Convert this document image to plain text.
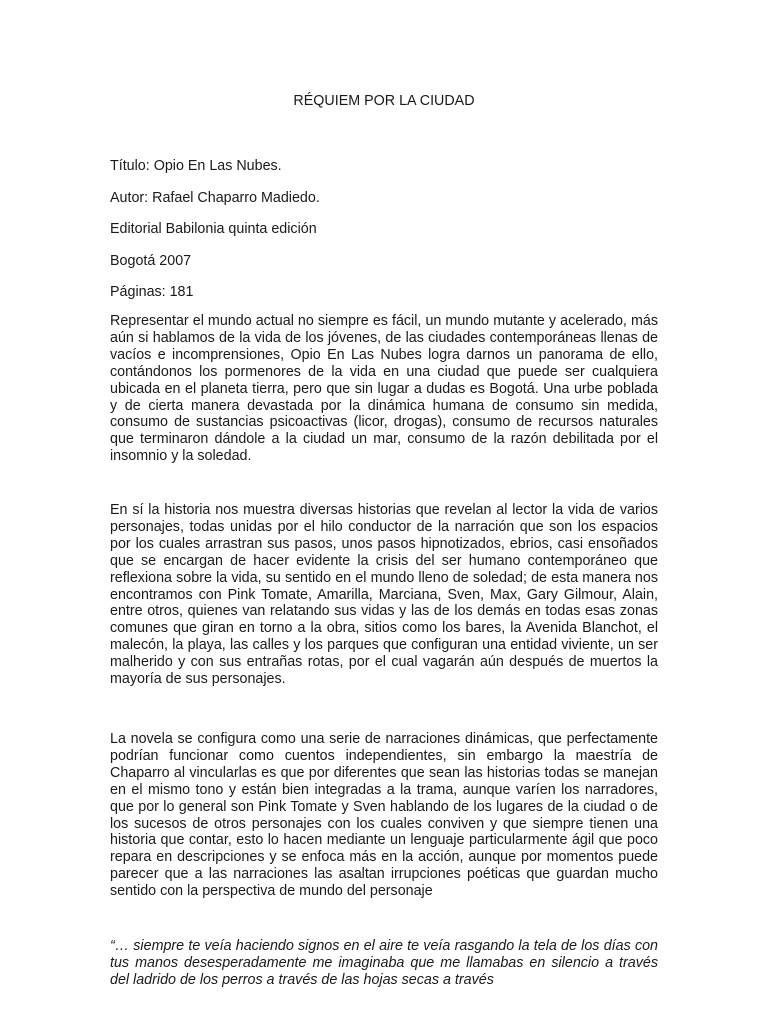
RÉQUIEM POR LA CIUDAD

Título: Opio En Las Nubes.

Autor: Rafael Chaparro Madiedo.

Editorial Babilonia quinta edición

Bogotá 2007

Páginas: 181

Representar el mundo actual no siempre es fácil, un mundo mutante y acelerado, más aún si hablamos de la vida de los jóvenes, de las ciudades contemporáneas llenas de vacíos e incomprensiones, Opio En Las Nubes logra darnos un panorama de ello, contándonos los pormenores de la vida en una ciudad que puede ser cualquiera ubicada en el planeta tierra, pero que sin lugar a dudas es Bogotá. Una urbe poblada y de cierta manera devastada por la dinámica humana de consumo sin medida, consumo de sustancias psicoactivas (licor, drogas), consumo de recursos naturales que terminaron dándole a la ciudad un mar, consumo de la razón debilitada por el insomnio y la soledad.

En sí la historia nos muestra diversas historias que revelan al lector la vida de varios personajes, todas unidas por el hilo conductor de la narración que son los espacios por los cuales arrastran sus pasos, unos pasos hipnotizados, ebrios, casi ensoñados que se encargan de hacer evidente la crisis del ser humano contemporáneo que reflexiona sobre la vida, su sentido en el mundo lleno de soledad; de esta manera nos encontramos con Pink Tomate, Amarilla, Marciana, Sven, Max, Gary Gilmour, Alain, entre otros, quienes van relatando sus vidas y las de los demás en todas esas zonas comunes que giran en torno a la obra, sitios como los bares, la Avenida Blanchot, el malecón, la playa, las calles y los parques que configuran una entidad viviente, un ser malherido y con sus entrañas rotas, por el cual vagarán aún después de muertos la mayoría de sus personajes.

La novela se configura como una serie de narraciones dinámicas, que perfectamente podrían funcionar como cuentos independientes, sin embargo la maestría de Chaparro al vincularlas es que por diferentes que sean las historias todas se manejan en el mismo tono y están bien integradas a la trama, aunque varíen los narradores, que por lo general son Pink Tomate y Sven hablando de los lugares de la ciudad o de los sucesos de otros personajes con los cuales conviven y que siempre tienen una historia que contar, esto lo hacen mediante un lenguaje particularmente ágil que poco repara en descripciones y se enfoca más en la acción, aunque por momentos puede parecer que a las narraciones las asaltan irrupciones poéticas que guardan mucho sentido con la perspectiva de mundo del personaje

“… siempre te veía haciendo signos en el aire te veía rasgando la tela de los días con tus manos desesperadamente me imaginaba que me llamabas en silencio a través del ladrido de los perros a través de las hojas secas a través
